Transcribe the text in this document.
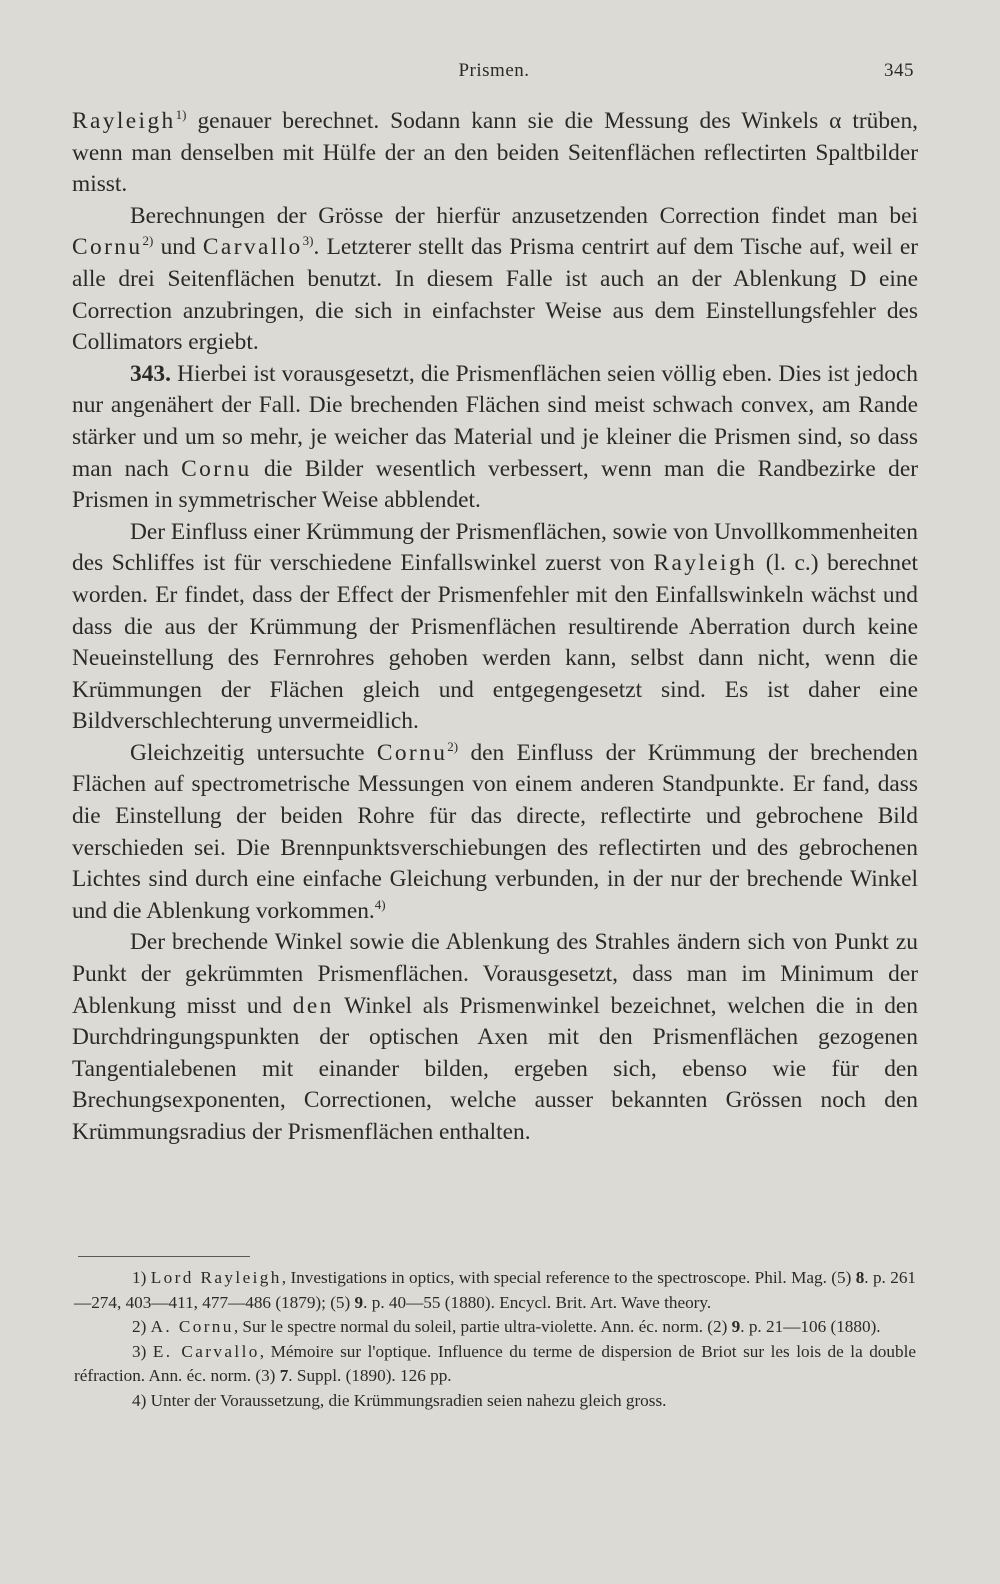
Prismen.	345

Rayleigh$^{1)}$ genauer berechnet. Sodann kann sie die Messung des Winkels α trüben, wenn man denselben mit Hülfe der an den beiden Seitenflächen reflectirten Spaltbilder misst.

Berechnungen der Grösse der hierfür anzusetzenden Correction findet man bei Cornu$^{2)}$ und Carvallo$^{3)}$. Letzterer stellt das Prisma centrirt auf dem Tische auf, weil er alle drei Seitenflächen benutzt. In diesem Falle ist auch an der Ablenkung D eine Correction anzubringen, die sich in einfachster Weise aus dem Einstellungsfehler des Collimators ergiebt.

343. Hierbei ist vorausgesetzt, die Prismenflächen seien völlig eben. Dies ist jedoch nur angenähert der Fall. Die brechenden Flächen sind meist schwach convex, am Rande stärker und um so mehr, je weicher das Material und je kleiner die Prismen sind, so dass man nach Cornu die Bilder wesentlich verbessert, wenn man die Randbezirke der Prismen in symmetrischer Weise abblendet.

Der Einfluss einer Krümmung der Prismenflächen, sowie von Unvollkommenheiten des Schliffes ist für verschiedene Einfallswinkel zuerst von Rayleigh (l. c.) berechnet worden. Er findet, dass der Effect der Prismenfehler mit den Einfallswinkeln wächst und dass die aus der Krümmung der Prismenflächen resultirende Aberration durch keine Neueinstellung des Fernrohres gehoben werden kann, selbst dann nicht, wenn die Krümmungen der Flächen gleich und entgegengesetzt sind. Es ist daher eine Bildverschlechterung unvermeidlich.

Gleichzeitig untersuchte Cornu$^{2)}$ den Einfluss der Krümmung der brechenden Flächen auf spectrometrische Messungen von einem anderen Standpunkte. Er fand, dass die Einstellung der beiden Rohre für das directe, reflectirte und gebrochene Bild verschieden sei. Die Brennpunktsverschiebungen des reflectirten und des gebrochenen Lichtes sind durch eine einfache Gleichung verbunden, in der nur der brechende Winkel und die Ablenkung vorkommen.$^{4)}$

Der brechende Winkel sowie die Ablenkung des Strahles ändern sich von Punkt zu Punkt der gekrümmten Prismenflächen. Vorausgesetzt, dass man im Minimum der Ablenkung misst und den Winkel als Prismenwinkel bezeichnet, welchen die in den Durchdringungspunkten der optischen Axen mit den Prismenflächen gezogenen Tangentialebenen mit einander bilden, ergeben sich, ebenso wie für den Brechungsexponenten, Correctionen, welche ausser bekannten Grössen noch den Krümmungsradius der Prismenflächen enthalten.

1) Lord Rayleigh, Investigations in optics, with special reference to the spectroscope. Phil. Mag. (5) 8. p. 261—274, 403—411, 477—486 (1879); (5) 9. p. 40—55 (1880). Encycl. Brit. Art. Wave theory.

2) A. Cornu, Sur le spectre normal du soleil, partie ultra-violette. Ann. éc. norm. (2) 9. p. 21—106 (1880).

3) E. Carvallo, Mémoire sur l'optique. Influence du terme de dispersion de Briot sur les lois de la double réfraction. Ann. éc. norm. (3) 7. Suppl. (1890). 126 pp.

4) Unter der Voraussetzung, die Krümmungsradien seien nahezu gleich gross.
